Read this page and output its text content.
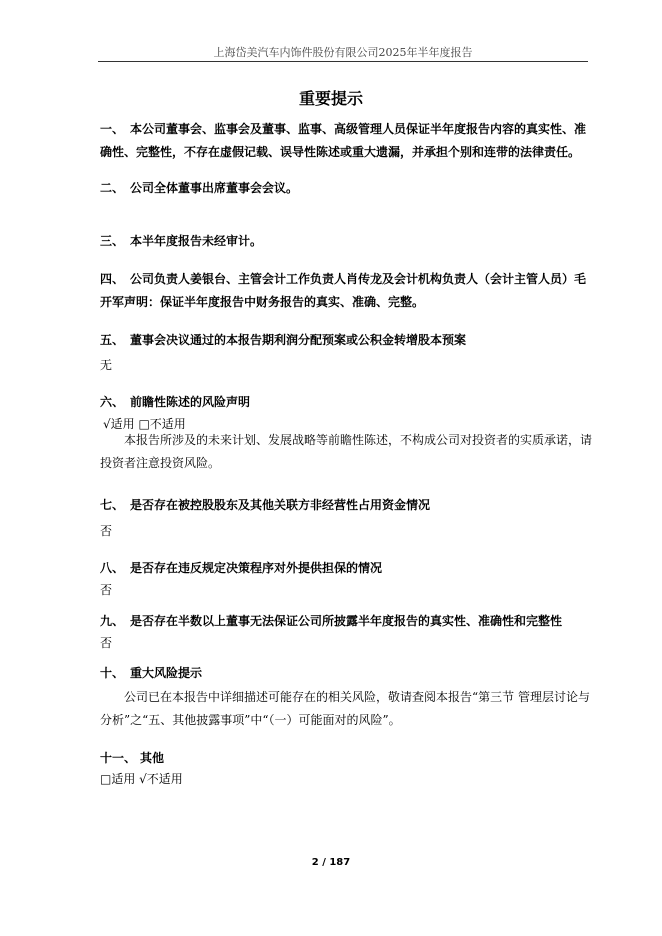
上海岱美汽车内饰件股份有限公司2025年半年度报告
重要提示
一、 本公司董事会、监事会及董事、监事、高级管理人员保证半年度报告内容的真实性、准确性、完整性，不存在虚假记载、误导性陈述或重大遗漏，并承担个别和连带的法律责任。
二、 公司全体董事出席董事会会议。
三、 本半年度报告未经审计。
四、 公司负责人姜银台、主管会计工作负责人肖传龙及会计机构负责人（会计主管人员）毛开军声明：保证半年度报告中财务报告的真实、准确、完整。
五、 董事会决议通过的本报告期利润分配预案或公积金转增股本预案
无
六、 前瞻性陈述的风险声明
√适用 □不适用
本报告所涉及的未来计划、发展战略等前瞻性陈述，不构成公司对投资者的实质承诺，请投资者注意投资风险。
七、 是否存在被控股股东及其他关联方非经营性占用资金情况
否
八、 是否存在违反规定决策程序对外提供担保的情况
否
九、 是否存在半数以上董事无法保证公司所披露半年度报告的真实性、准确性和完整性
否
十、 重大风险提示
公司已在本报告中详细描述可能存在的相关风险，敬请查阅本报告“第三节 管理层讨论与分析”之“五、其他披露事项”中“（一）可能面对的风险”。
十一、 其他
□适用 √不适用
2 / 187
